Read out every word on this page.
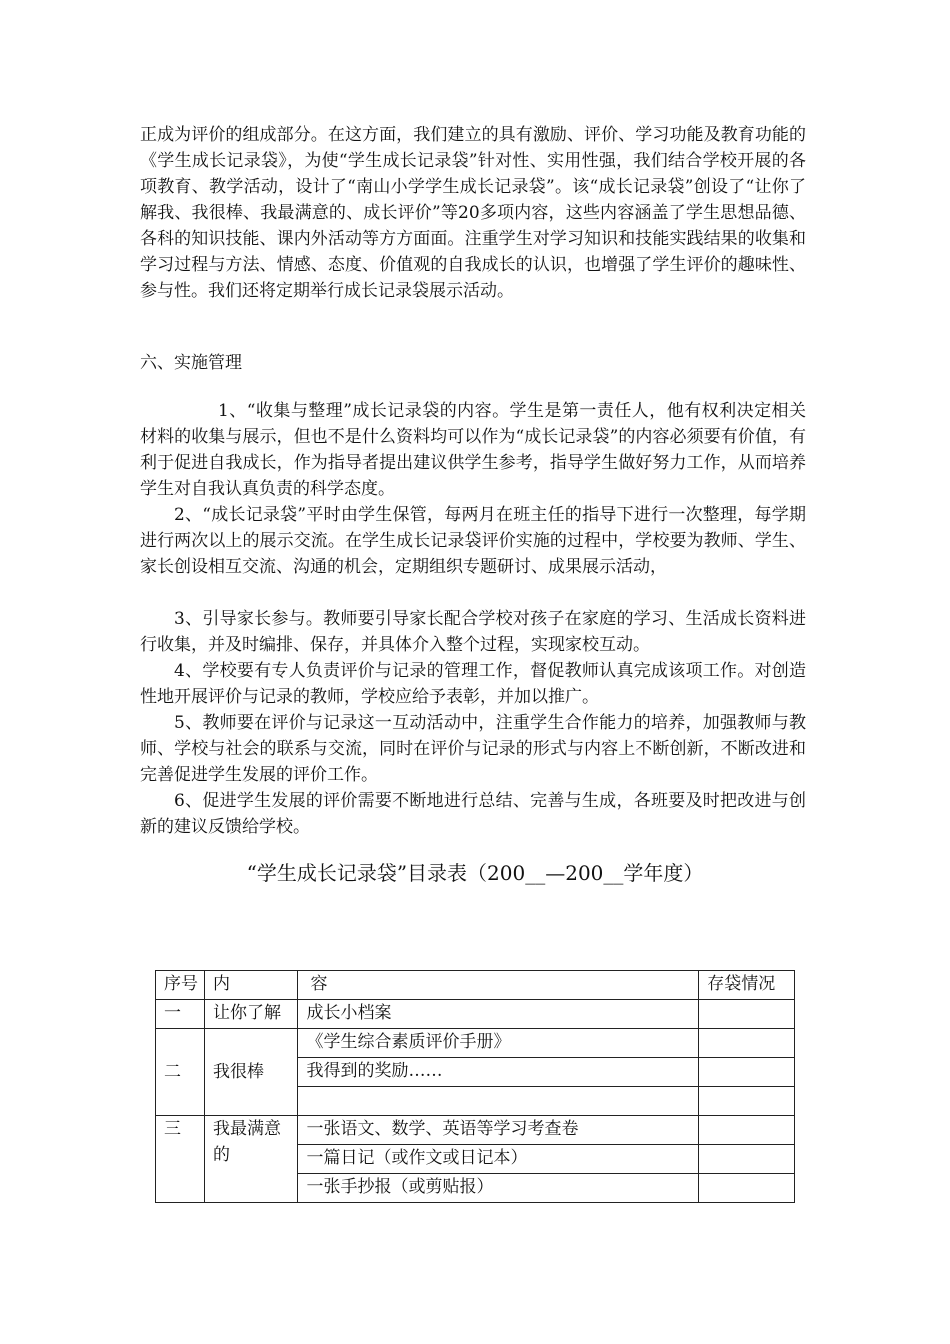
正成为评价的组成部分。在这方面，我们建立的具有激励、评价、学习功能及教育功能的《学生成长记录袋》，为使“学生成长记录袋”针对性、实用性强，我们结合学校开展的各项教育、教学活动，设计了“南山小学学生成长记录袋”。该“成长记录袋”创设了“让你了解我、我很棒、我最满意的、成长评价”等20多项内容，这些内容涵盖了学生思想品德、各科的知识技能、课内外活动等方方面面。注重学生对学习知识和技能实践结果的收集和学习过程与方法、情感、态度、价值观的自我成长的认识，也增强了学生评价的趣味性、参与性。我们还将定期举行成长记录袋展示活动。

六、实施管理

1、“收集与整理”成长记录袋的内容。学生是第一责任人，他有权利决定相关材料的收集与展示，但也不是什么资料均可以作为“成长记录袋”的内容必须要有价值，有利于促进自我成长，作为指导者提出建议供学生参考，指导学生做好努力工作，从而培养学生对自我认真负责的科学态度。

2、“成长记录袋”平时由学生保管，每两月在班主任的指导下进行一次整理，每学期进行两次以上的展示交流。在学生成长记录袋评价实施的过程中，学校要为教师、学生、家长创设相互交流、沟通的机会，定期组织专题研讨、成果展示活动，

3、引导家长参与。教师要引导家长配合学校对孩子在家庭的学习、生活成长资料进行收集，并及时编排、保存，并具体介入整个过程，实现家校互动。

4、学校要有专人负责评价与记录的管理工作，督促教师认真完成该项工作。对创造性地开展评价与记录的教师，学校应给予表彰，并加以推广。

5、教师要在评价与记录这一互动活动中，注重学生合作能力的培养，加强教师与教师、学校与社会的联系与交流，同时在评价与记录的形式与内容上不断创新，不断改进和完善促进学生发展的评价工作。

6、促进学生发展的评价需要不断地进行总结、完善与生成，各班要及时把改进与创新的建议反馈给学校。

“学生成长记录袋”目录表（200__—200__学年度）

序号	内	容	存袋情况
一	让你了解	成长小档案	
二	我很棒	《学生综合素质评价手册》	
		我得到的奖励……	

三	我最满意的	一张语文、数学、英语等学习考查卷	
		一篇日记（或作文或日记本）	
		一张手抄报（或剪贴报）	
